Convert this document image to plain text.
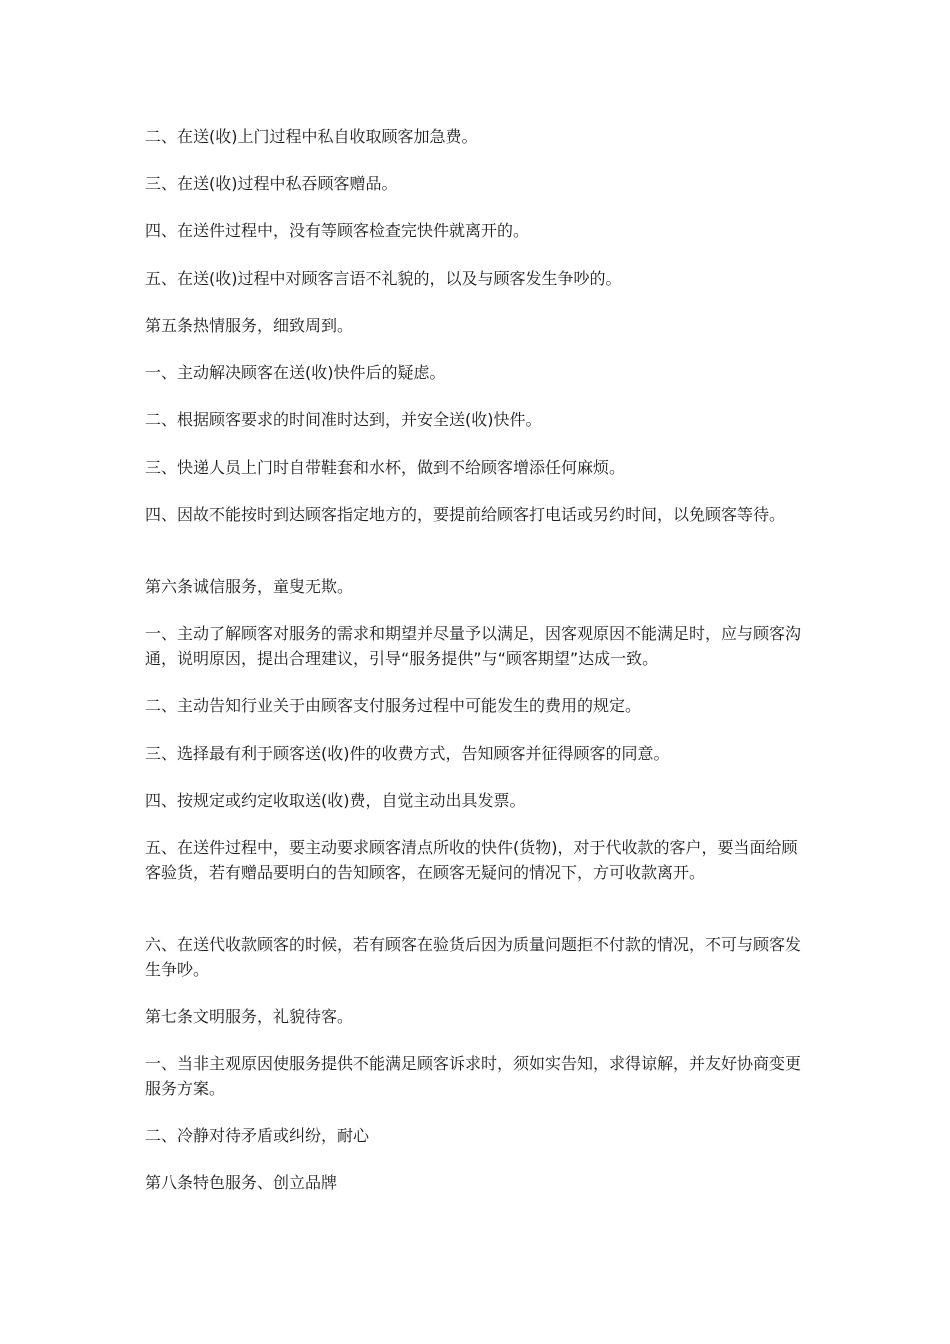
二、在送(收)上门过程中私自收取顾客加急费。

三、在送(收)过程中私吞顾客赠品。

四、在送件过程中，没有等顾客检查完快件就离开的。

五、在送(收)过程中对顾客言语不礼貌的，以及与顾客发生争吵的。

第五条热情服务，细致周到。

一、主动解决顾客在送(收)快件后的疑虑。

二、根据顾客要求的时间准时达到，并安全送(收)快件。

三、快递人员上门时自带鞋套和水杯，做到不给顾客增添任何麻烦。

四、因故不能按时到达顾客指定地方的，要提前给顾客打电话或另约时间，以免顾客等待。

第六条诚信服务，童叟无欺。

一、主动了解顾客对服务的需求和期望并尽量予以满足，因客观原因不能满足时，应与顾客沟通，说明原因，提出合理建议，引导“服务提供”与“顾客期望”达成一致。

二、主动告知行业关于由顾客支付服务过程中可能发生的费用的规定。

三、选择最有利于顾客送(收)件的收费方式，告知顾客并征得顾客的同意。

四、按规定或约定收取送(收)费，自觉主动出具发票。

五、在送件过程中，要主动要求顾客清点所收的快件(货物)，对于代收款的客户，要当面给顾客验货，若有赠品要明白的告知顾客，在顾客无疑问的情况下，方可收款离开。

六、在送代收款顾客的时候，若有顾客在验货后因为质量问题拒不付款的情况，不可与顾客发生争吵。

第七条文明服务，礼貌待客。

一、当非主观原因使服务提供不能满足顾客诉求时，须如实告知，求得谅解，并友好协商变更服务方案。

二、冷静对待矛盾或纠纷，耐心

第八条特色服务、创立品牌
